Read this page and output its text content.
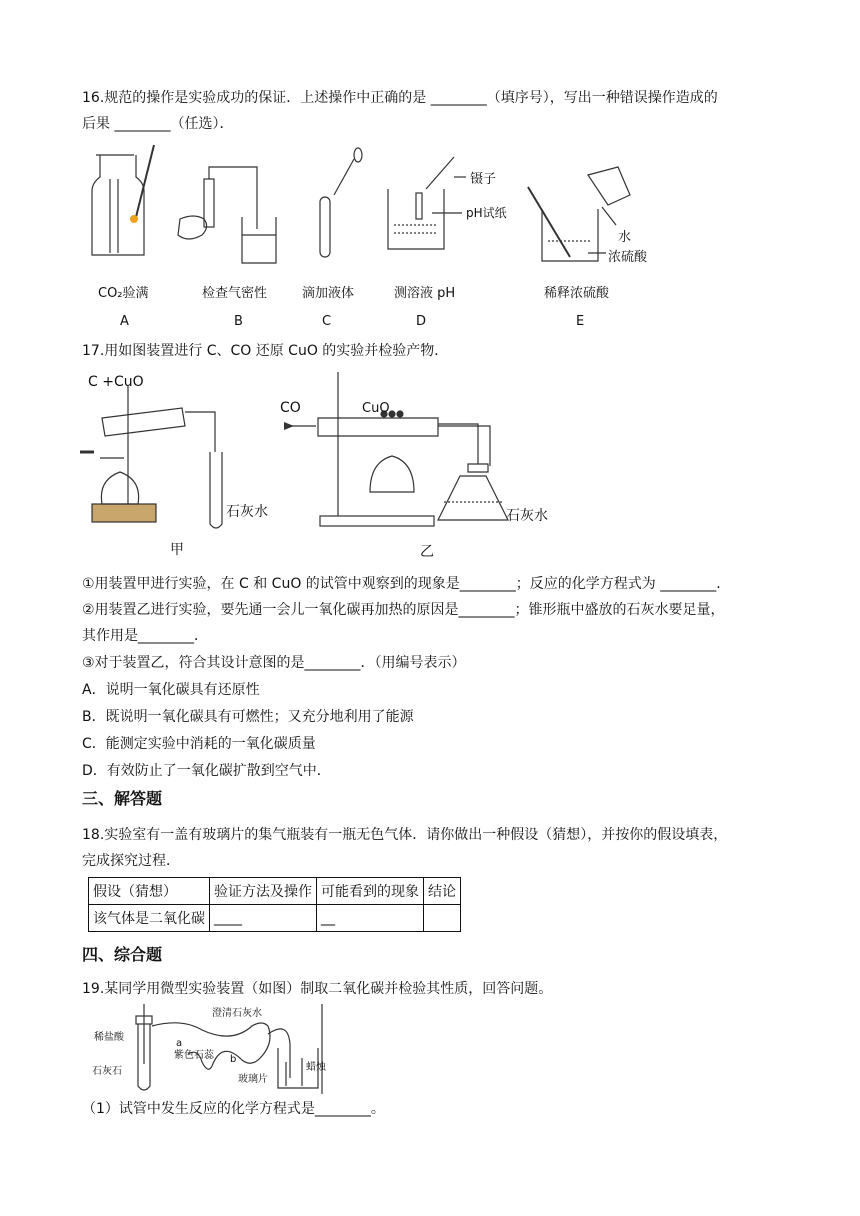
16.规范的操作是实验成功的保证．上述操作中正确的是 ________（填序号），写出一种错误操作造成的
后果 ________（任选）．
镊子
pH试纸
水
浓硫酸
CO₂验满	检查气密性	滴加液体	测溶液 pH	稀释浓硫酸
A	B	C	D	E
17.用如图装置进行 C、CO 还原 CuO 的实验并检验产物．
C +CuO
CO	CuO
石灰水	石灰水
甲	乙
①用装置甲进行实验，在 C 和 CuO 的试管中观察到的现象是________；反应的化学方程式为 ________．
②用装置乙进行实验，要先通一会儿一氧化碳再加热的原因是________；锥形瓶中盛放的石灰水要足量，
其作用是________．
③对于装置乙，符合其设计意图的是________．（用编号表示）
A．说明一氧化碳具有还原性
B．既说明一氧化碳具有可燃性；又充分地利用了能源
C．能测定实验中消耗的一氧化碳质量
D．有效防止了一氧化碳扩散到空气中．
三、解答题
18.实验室有一盖有玻璃片的集气瓶装有一瓶无色气体．请你做出一种假设（猜想），并按你的假设填表，
完成探究过程．
假设（猜想）	验证方法及操作	可能看到的现象	结论
该气体是二氧化碳	____	__	
四、综合题
19.某同学用微型实验装置（如图）制取二氧化碳并检验其性质，回答问题。
稀盐酸
石灰石
澄清石灰水
a
b
紫色石蕊
玻璃片
蜡烛
（1）试管中发生反应的化学方程式是________。
